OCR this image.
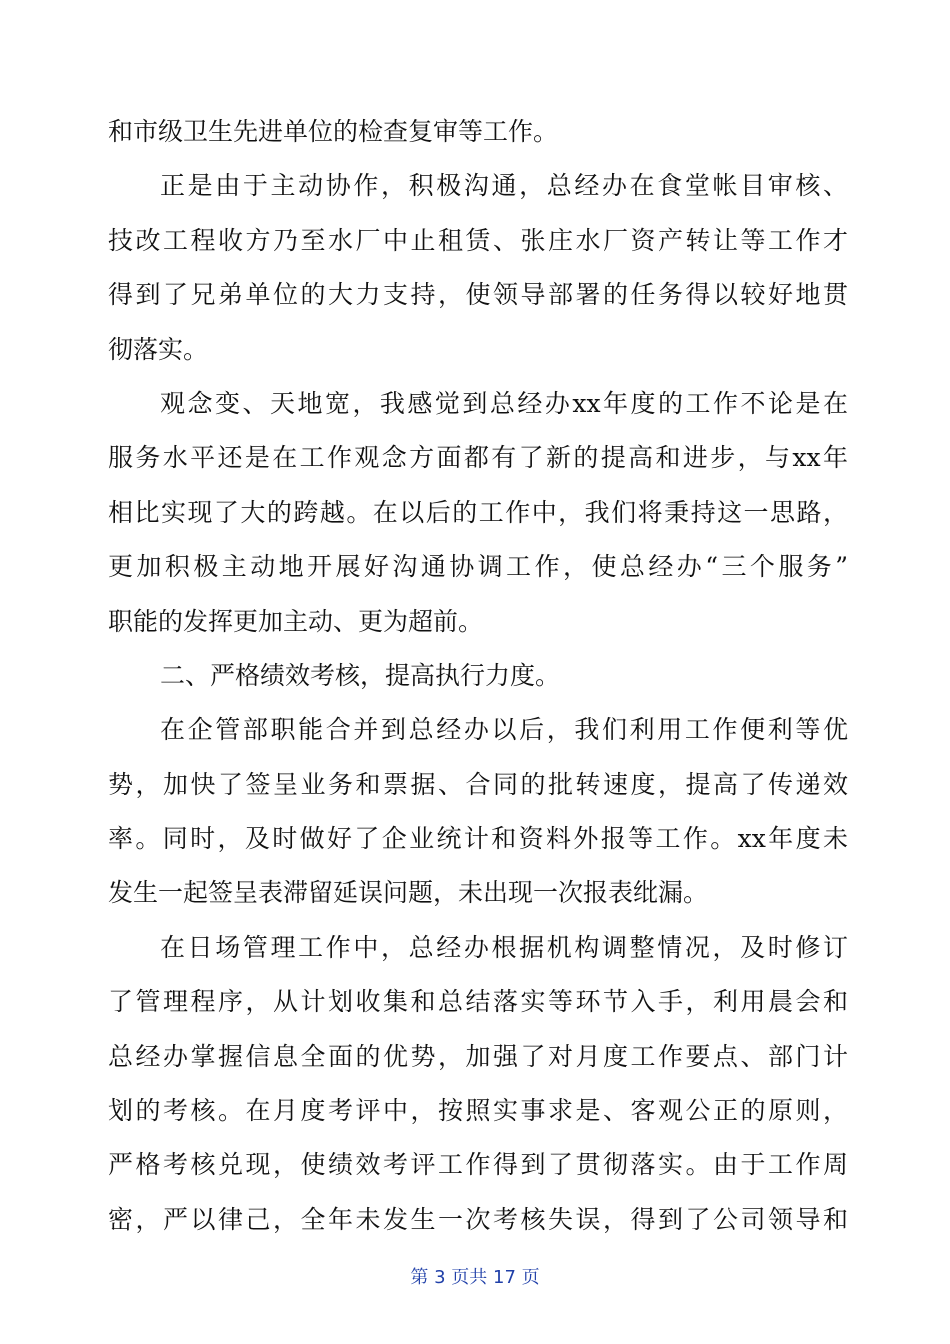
和市级卫生先进单位的检查复审等工作。
正是由于主动协作，积极沟通，总经办在食堂帐目审核、
技改工程收方乃至水厂中止租赁、张庄水厂资产转让等工作才
得到了兄弟单位的大力支持，使领导部署的任务得以较好地贯
彻落实。
观念变、天地宽，我感觉到总经办xx年度的工作不论是在
服务水平还是在工作观念方面都有了新的提高和进步，与xx年
相比实现了大的跨越。在以后的工作中，我们将秉持这一思路，
更加积极主动地开展好沟通协调工作，使总经办“三个服务”
职能的发挥更加主动、更为超前。
二、严格绩效考核，提高执行力度。
在企管部职能合并到总经办以后，我们利用工作便利等优
势，加快了签呈业务和票据、合同的批转速度，提高了传递效
率。同时，及时做好了企业统计和资料外报等工作。xx年度未
发生一起签呈表滞留延误问题，未出现一次报表纰漏。
在日场管理工作中，总经办根据机构调整情况，及时修订
了管理程序，从计划收集和总结落实等环节入手，利用晨会和
总经办掌握信息全面的优势，加强了对月度工作要点、部门计
划的考核。在月度考评中，按照实事求是、客观公正的原则，
严格考核兑现，使绩效考评工作得到了贯彻落实。由于工作周
密，严以律己，全年未发生一次考核失误，得到了公司领导和
第 3 页共 17 页
